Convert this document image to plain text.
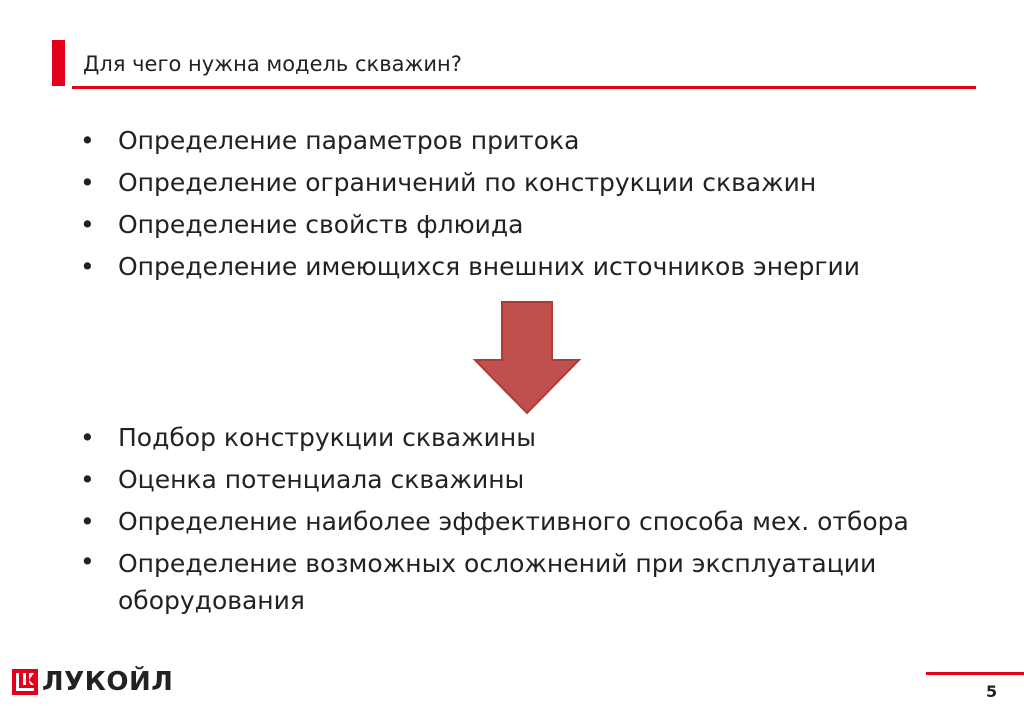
Для чего нужна модель скважин?
• Определение параметров притока
• Определение ограничений по конструкции скважин
• Определение свойств флюида
• Определение имеющихся внешних источников энергии
• Подбор конструкции скважины
• Оценка потенциала скважины
• Определение наиболее эффективного способа мех. отбора
• Определение возможных осложнений при эксплуатации оборудования
ЛУКОЙЛ	5
